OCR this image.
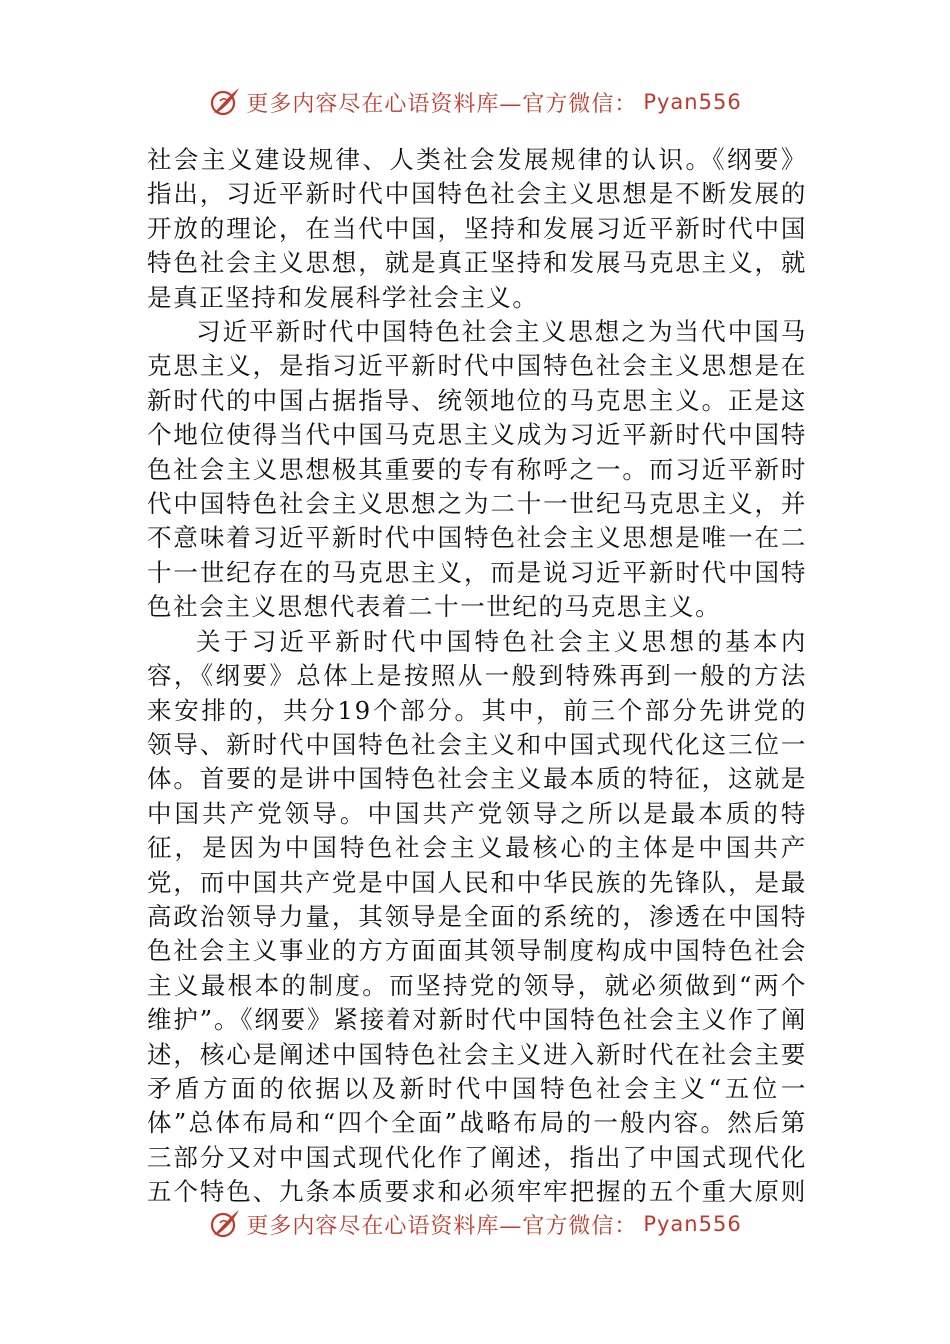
更多内容尽在心语资料库—官方微信： Pyan556

社会主义建设规律、人类社会发展规律的认识。《纲要》指出，习近平新时代中国特色社会主义思想是不断发展的开放的理论，在当代中国，坚持和发展习近平新时代中国特色社会主义思想，就是真正坚持和发展马克思主义，就是真正坚持和发展科学社会主义。

习近平新时代中国特色社会主义思想之为当代中国马克思主义，是指习近平新时代中国特色社会主义思想是在新时代的中国占据指导、统领地位的马克思主义。正是这个地位使得当代中国马克思主义成为习近平新时代中国特色社会主义思想极其重要的专有称呼之一。而习近平新时代中国特色社会主义思想之为二十一世纪马克思主义，并不意味着习近平新时代中国特色社会主义思想是唯一在二十一世纪存在的马克思主义，而是说习近平新时代中国特色社会主义思想代表着二十一世纪的马克思主义。

关于习近平新时代中国特色社会主义思想的基本内容，《纲要》总体上是按照从一般到特殊再到一般的方法来安排的，共分19个部分。其中，前三个部分先讲党的领导、新时代中国特色社会主义和中国式现代化这三位一体。首要的是讲中国特色社会主义最本质的特征，这就是中国共产党领导。中国共产党领导之所以是最本质的特征，是因为中国特色社会主义最核心的主体是中国共产党，而中国共产党是中国人民和中华民族的先锋队，是最高政治领导力量，其领导是全面的系统的，渗透在中国特色社会主义事业的方方面面其领导制度构成中国特色社会主义最根本的制度。而坚持党的领导，就必须做到“两个维护”。《纲要》紧接着对新时代中国特色社会主义作了阐述，核心是阐述中国特色社会主义进入新时代在社会主要矛盾方面的依据以及新时代中国特色社会主义“五位一体”总体布局和“四个全面”战略布局的一般内容。然后第三部分又对中国式现代化作了阐述，指出了中国式现代化五个特色、九条本质要求和必须牢牢把握的五个重大原则

更多内容尽在心语资料库—官方微信： Pyan556
